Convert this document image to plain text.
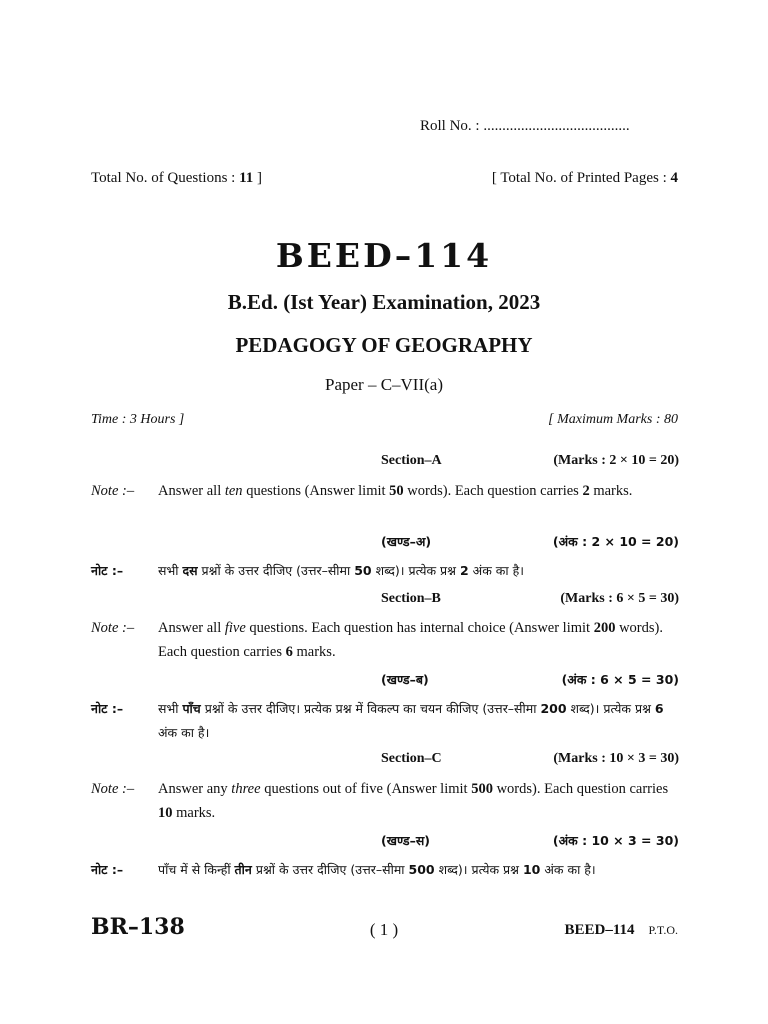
Roll No. : .......................................
Total No. of Questions : 11 ]	[ Total No. of Printed Pages : 4
BEED–114
B.Ed. (Ist Year) Examination, 2023
PEDAGOGY OF GEOGRAPHY
Paper – C–VII(a)
Time : 3 Hours ]	[ Maximum Marks : 80
Section–A	(Marks : 2 × 10 = 20)
Note :– Answer all ten questions (Answer limit 50 words). Each question carries 2 marks.
(खण्ड–अ)	(अंक : 2 × 10 = 20)
नोट :–	सभी दस प्रश्नों के उत्तर दीजिए (उत्तर–सीमा 50 शब्द)। प्रत्येक प्रश्न 2 अंक का है।
Section–B	(Marks : 6 × 5 = 30)
Note :– Answer all five questions. Each question has internal choice (Answer limit 200 words). Each question carries 6 marks.
(खण्ड–ब)	(अंक : 6 × 5 = 30)
नोट :–	सभी पाँच प्रश्नों के उत्तर दीजिए। प्रत्येक प्रश्न में विकल्प का चयन कीजिए (उत्तर–सीमा 200 शब्द)। प्रत्येक प्रश्न 6 अंक का है।
Section–C	(Marks : 10 × 3 = 30)
Note :– Answer any three questions out of five (Answer limit 500 words). Each question carries 10 marks.
(खण्ड–स)	(अंक : 10 × 3 = 30)
नोट :–	पाँच में से किन्हीं तीन प्रश्नों के उत्तर दीजिए (उत्तर–सीमा 500 शब्द)। प्रत्येक प्रश्न 10 अंक का है।
BR–138	( 1 )	BEED–114 P.T.O.
